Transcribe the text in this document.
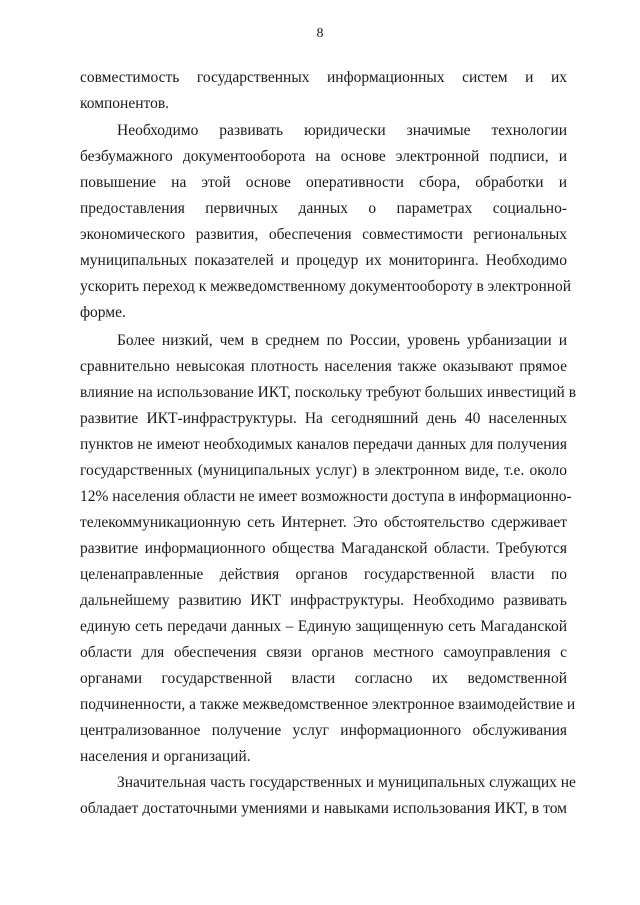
8
совместимость государственных информационных систем и их
компонентов.
Необходимо развивать юридически значимые технологии
безбумажного документооборота на основе электронной подписи, и
повышение на этой основе оперативности сбора, обработки и
предоставления первичных данных о параметрах социально-
экономического развития, обеспечения совместимости региональных
муниципальных показателей и процедур их мониторинга. Необходимо
ускорить переход к межведомственному документообороту в электронной
форме.
Более низкий, чем в среднем по России, уровень урбанизации и
сравнительно невысокая плотность населения также оказывают прямое
влияние на использование ИКТ, поскольку требуют больших инвестиций в
развитие ИКТ-инфраструктуры. На сегодняшний день 40 населенных
пунктов не имеют необходимых каналов передачи данных для получения
государственных (муниципальных услуг) в электронном виде, т.е. около
12% населения области не имеет возможности доступа в информационно-
телекоммуникационную сеть Интернет. Это обстоятельство сдерживает
развитие информационного общества Магаданской области. Требуются
целенаправленные действия органов государственной власти по
дальнейшему развитию ИКТ инфраструктуры. Необходимо развивать
единую сеть передачи данных – Единую защищенную сеть Магаданской
области для обеспечения связи органов местного самоуправления с
органами государственной власти согласно их ведомственной
подчиненности, а также межведомственное электронное взаимодействие и
централизованное получение услуг информационного обслуживания
населения и организаций.
Значительная часть государственных и муниципальных служащих не
обладает достаточными умениями и навыками использования ИКТ, в том
